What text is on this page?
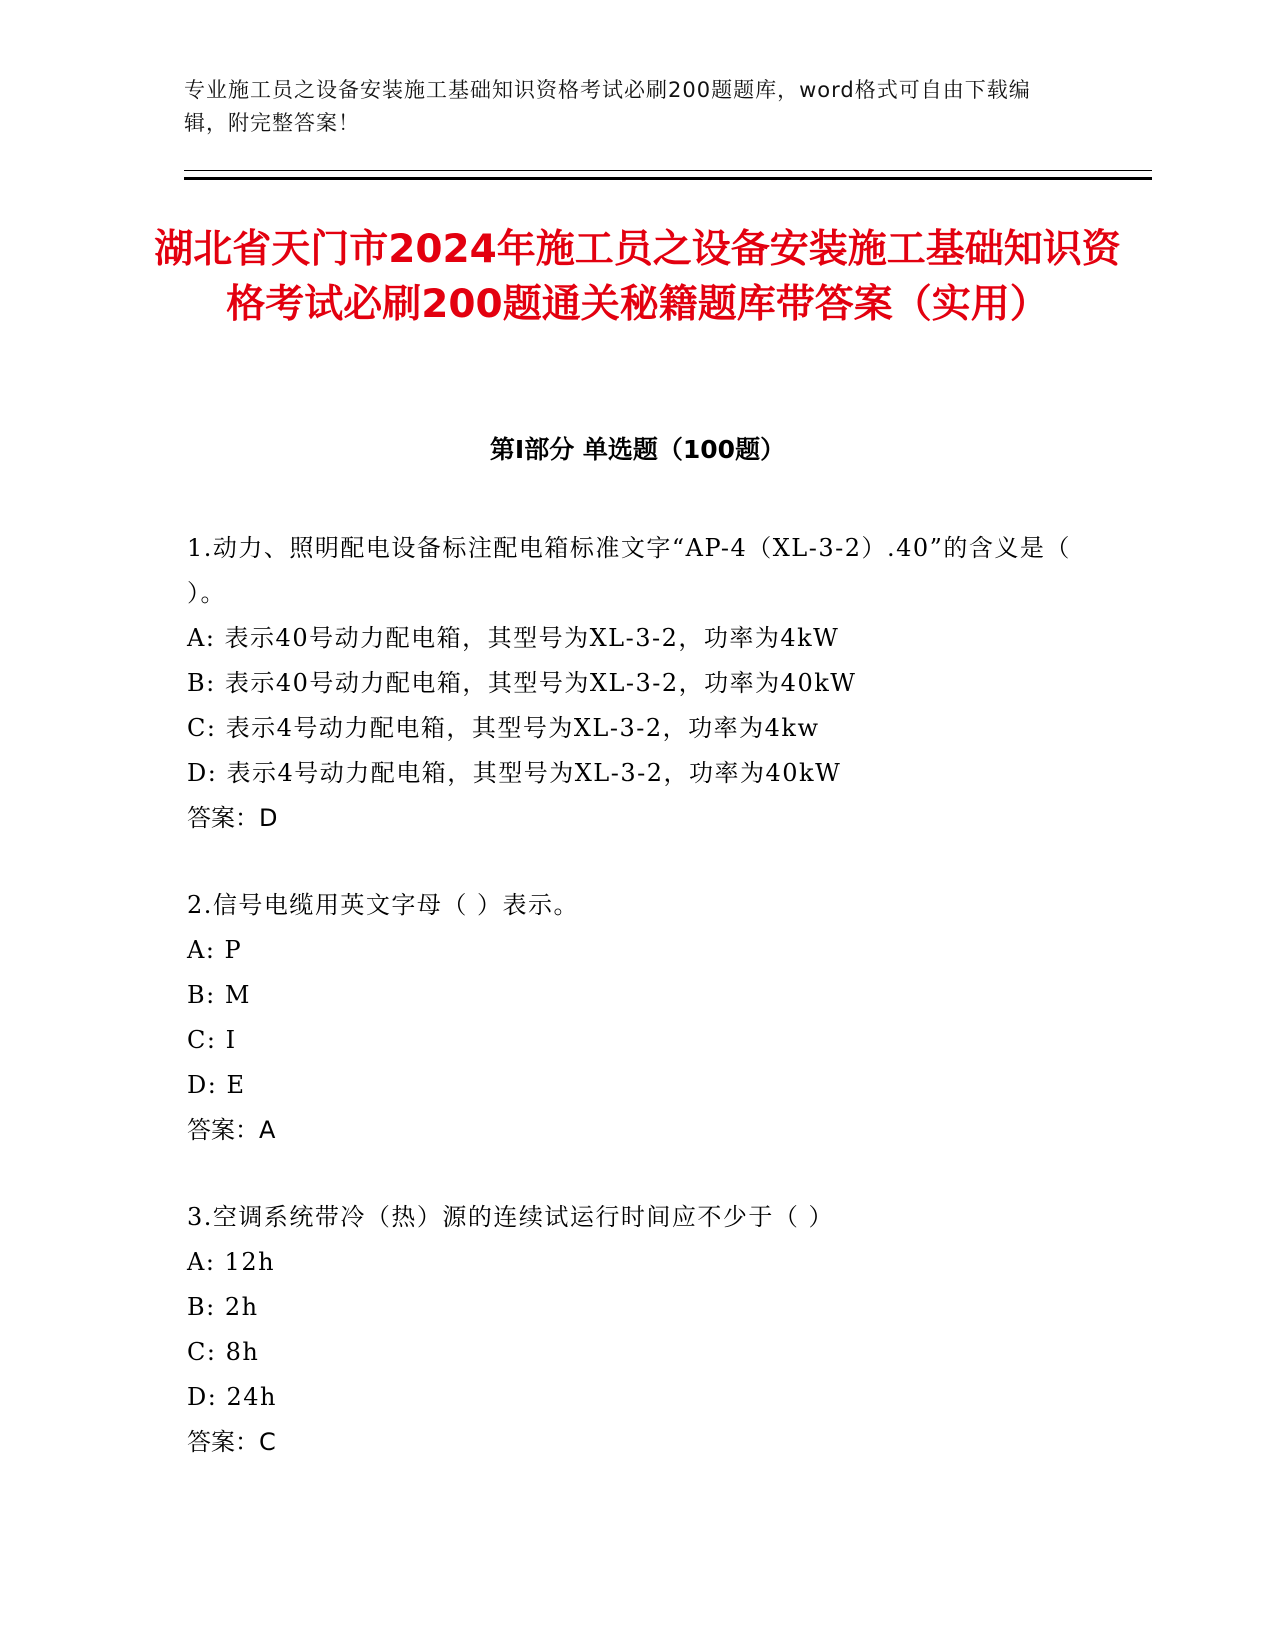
专业施工员之设备安装施工基础知识资格考试必刷200题题库，word格式可自由下载编辑，附完整答案！
湖北省天门市2024年施工员之设备安装施工基础知识资格考试必刷200题通关秘籍题库带答案（实用）
第I部分 单选题（100题）
1.动力、照明配电设备标注配电箱标准文字“AP-4（XL-3-2）.40”的含义是（ ）。
A: 表示40号动力配电箱，其型号为XL-3-2，功率为4kW
B: 表示40号动力配电箱，其型号为XL-3-2，功率为40kW
C: 表示4号动力配电箱，其型号为XL-3-2，功率为4kw
D: 表示4号动力配电箱，其型号为XL-3-2，功率为40kW
答案：D
2.信号电缆用英文字母（ ）表示。
A: P
B: M
C: I
D: E
答案：A
3.空调系统带冷（热）源的连续试运行时间应不少于（ ）
A: 12h
B: 2h
C: 8h
D: 24h
答案：C
